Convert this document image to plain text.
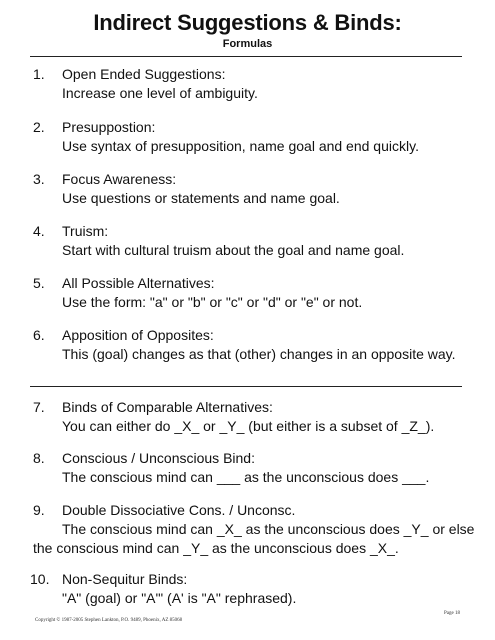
Indirect Suggestions & Binds:
Formulas
1. Open Ended Suggestions:
Increase one level of ambiguity.
2. Presuppostion:
Use syntax of presupposition, name goal and end quickly.
3. Focus Awareness:
Use questions or statements and name goal.
4. Truism:
Start with cultural truism about the goal and name goal.
5. All Possible Alternatives:
Use the form: "a" or "b" or "c" or "d" or "e" or not.
6. Apposition of Opposites:
This (goal) changes as that (other) changes in an opposite way.
7. Binds of Comparable Alternatives:
You can either do _X_ or _Y_ (but either is a subset of _Z_).
8. Conscious / Unconscious Bind:
The conscious mind can ___ as the unconscious does ___.
9. Double Dissociative Cons. / Unconsc.
The conscious mind can _X_ as the unconscious does _Y_ or else
the conscious mind can _Y_ as the unconscious does _X_.
10. Non-Sequitur Binds:
"A" (goal) or "A'" (A' is "A" rephrased).
Copyright © 1987-2005 Stephen Lankton, P.O. 9489, Phoenix, AZ 85068
Page 18
